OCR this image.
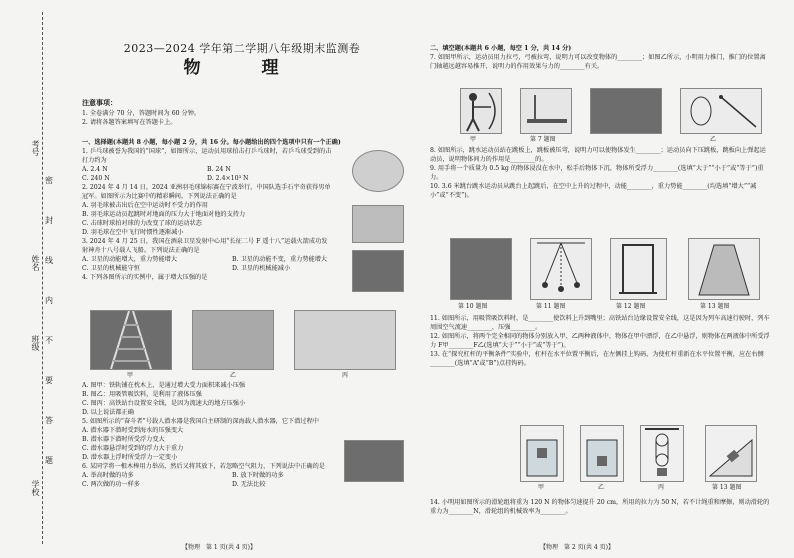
考号
姓名
班级
学校
密
封
线
内
不
要
答
题
2023—2024 学年第二学期八年级期末监测卷
物　理
注意事项：
1. 全卷满分 70 分，答题时间为 60 分钟。
2. 请将各题答案填写在答题卡上。
一、选择题(本题共 8 小题，每小题 2 分，共 16 分。每小题给出的四个选项中只有一个正确)
1. 乒乓球被誉为我国的“国球”，如图所示，运动员用球拍击打乒乓球时，若乒乓球受到的击打力约为
A. 2.4 N	B. 24 N
C. 240 N	D. 2.4×10³ N
2. 2024 年 4 月 14 日，2024 亚洲羽毛球锦标赛在宁波举行，中国队选手石宇奇获得男单冠军。如图所示为比赛中的精彩瞬间，下列说法正确的是
A. 羽毛球被击出后在空中运动时不受力的作用
B. 羽毛球运动员起跳时对地面的压力大于地面对他的支持力
C. 击球时球拍对球的力改变了球的运动状态
D. 羽毛球在空中飞行时惯性逐渐减小
3. 2024 年 4 月 25 日，我国在酒泉卫星发射中心用“长征二号 F 遥十八”运载火箭成功发射神舟十八号载人飞船。下列说法正确的是
A. 卫星的动能增大，重力势能增大	B. 卫星的动能不变，重力势能增大
C. 卫星的机械能守恒	D. 卫星的机械能减小
4. 下列各图所示的实例中，属于增大压强的是
甲	乙	丙
A. 图甲：铁轨铺在枕木上，是通过增大受力面积来减小压强
B. 图乙：用吸管吸饮料，是利用了液体压强
C. 图丙：高铁站台设置安全线，是因为流速大的地方压强小
D. 以上说法都正确
5. 如图所示的“奋斗者”号载人潜水器是我国自主研制的深海载人潜水器，它下潜过程中
A. 潜水器下潜时受到海水的压强变大
B. 潜水器下潜时所受浮力变大
C. 潜水器悬浮时受到的浮力大于重力
D. 潜水器上浮时所受浮力一定变小
6. 某同学将一根木棒用力举高，然后又将其放下，若忽略空气阻力，下列说法中正确的是
A. 举高时做的功多	B. 放下时做的功多
C. 两次做的功一样多	D. 无法比较
【物理　第 1 页(共 4 页)】
二、填空题(本题共 6 小题，每空 1 分，共 14 分)
7. 如图甲所示，运动员用力拉弓，弓被拉弯，说明力可以改变物体的________；如图乙所示，小明用力推门，推门的位置离门轴越远越容易推开，说明力的作用效果与力的________有关。
第 7 题图
甲	乙
8. 如图所示，跳水运动员站在跳板上，跳板被压弯，说明力可以使物体发生________；运动员向下压跳板，跳板向上弹起运动员，说明物体间力的作用是________的。
9. 用手将一个质量为 0.5 kg 的物体浸没在水中，松手后物体下沉，物体所受浮力________(选填“大于”“小于”或“等于”)重力。
10. 3.6 米跳台跳水运动员从跳台上起跳后，在空中上升的过程中，动能________，重力势能________(均选填“增大”“减小”或“不变”)。
第 10 题图	第 11 题图	第 12 题图	第 13 题图
11. 如图所示，用吸管吸饮料时，是________使饮料上升到嘴里；高铁站台边缘设置安全线，这是因为列车高速行驶时，列车周围空气流速________，压强________。
12. 如图所示，将两个完全相同的物体分别放入甲、乙两种液体中，物体在甲中漂浮，在乙中悬浮，则物体在两液体中所受浮力 F甲________F乙(选填“大于”“小于”或“等于”)。
13. 在“探究杠杆的平衡条件”实验中，杠杆在水平位置平衡后，在左侧挂上钩码，为使杠杆重新在水平位置平衡，应在右侧________(选填“A”或“B”)点挂钩码。
甲	乙	丙	第 13 题图
14. 小明用如图所示的滑轮组将重为 120 N 的物体匀速提升 20 cm，所用的拉力为 50 N，若不计绳重和摩擦，则动滑轮的重力为________N，滑轮组的机械效率为________。
【物理　第 2 页(共 4 页)】
